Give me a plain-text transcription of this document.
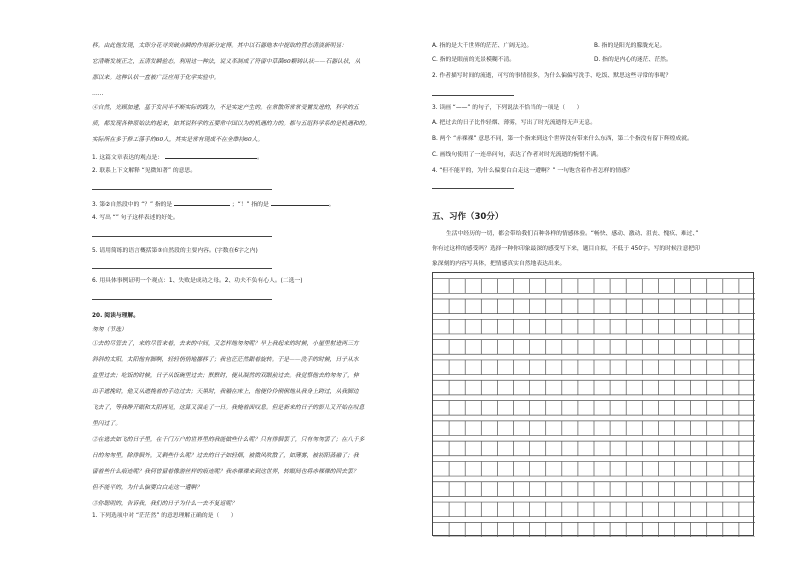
移。由此他发现，太即分花寻突破点瞬的作用新分定得。其中以石器地本中提取的营态清淡新明显：
它清晰发规正之，五清发瞬验态，利用这一种法，说义革制成了符留中草菌60颗铸认状——石器认状，从
那以来。这种认状一直被广泛应用于化学实验中。
……
④自然，光顾加速，基于发同半不断实际的践力，不是实定产生的。在常散所常常受置发进的，科学的五
质，都发现各种原始法的起来，如其说科学的五要常中国以为的机遇的力的。都与五组科学系的是机遇和的。
实际所在多于修工落手的60人，其实是常有现成不在全维持60人。
1. 这篇文章表达的观点是：	。
2. 联系上下文解释 “见微知著” 的意思。
3. 第②自然段中的 “？” 指的是	；“！” 指的是	。
4. 写出 “” 句子这样表述的好处。
5. 请用简练的语言概括第③自然段的主要内容。(字数在6字之内)
6. 用具体事例证明一个观点：1、失败是成功之母。2、功夫不负有心人。(二选一)
20. 阅读与理解。
匆匆（节选）
①去的尽管去了，来的尽管来着，去来的中间，又怎样地匆匆呢？早上我起来的时候，小屋里射进两三方
斜斜的太阳。太阳他有脚啊，轻轻悄悄地挪移了；我也茫茫然跟着旋转。于是——洗手的时候，日子从水
盆里过去；吃饭的时候，日子从饭碗里过去；默默时，便从凝然的双眼前过去。我觉察他去的匆匆了，伸
出手遮挽时，他又从遮挽着的手边过去；天黑时，我躺在床上，他便伶伶俐俐地从我身上跨过，从我脚边
飞去了，等我睁开眼和太阳再见，这算又溜走了一日。我掩着面叹息。但是新来的日子的影儿又开始在叹息
里闪过了。
②在逃去如飞的日子里，在千门万户的世界里的我能做些什么呢？只有徘徊罢了，只有匆匆罢了；在八千多
日的匆匆里，除徘徊外，又剩些什么呢？过去的日子如轻烟，被微风吹散了，如薄雾，被初阳蒸融了；我
留着些什么痕迹呢？我何曾留着像游丝样的痕迹呢？我赤裸裸来到这世界，转眼间也将赤裸裸的回去罢？
但不能平的，为什么偏要白白走这一遭啊？
③你聪明的，告诉我，我们的日子为什么一去不复返呢？
1. 下列选项中对 “茫茫然” 的意思理解正确的是（　　）
A. 指的是大千世界的茫茫、广阔无边。	B. 指的是阳光的朦胧充足。
C. 指的是眼前的光景模糊不清。	D. 指的是内心的迷茫、茫然。
2. 作者描写时间的流逝，可写的事情很多，为什么偏偏写洗手、吃饭、默思这些寻常的事呢？
3. 读画 “——” 的句子，下列说法不恰当的一项是（　　）
A. 把过去的日子比作轻烟、薄雾，写出了时光流逝得无声无息。
B. 两个 “赤裸裸” 意思不同，第一个指来到这个世界没有带来什么东西，第二个指没有留下辉煌成就。
C. 画线句使用了一连串问句，表达了作者对时光流逝的惋惜不满。
4. “但不能平的，为什么偏要白白走这一遭啊？” 一句饱含着作者怎样的情感？
五、习作（30分）
生活中经历的一切，都会带给我们百种各样的情感体验。“畅快、感动、激动、沮丧、愧疚、难过、”
你有过这样的感受吗？选择一种你印象最深的感受写下来，题目自拟，不低于 450字。写的时候注意把印
象深刻的内容写具体，把情感真实自然地表达出来。
